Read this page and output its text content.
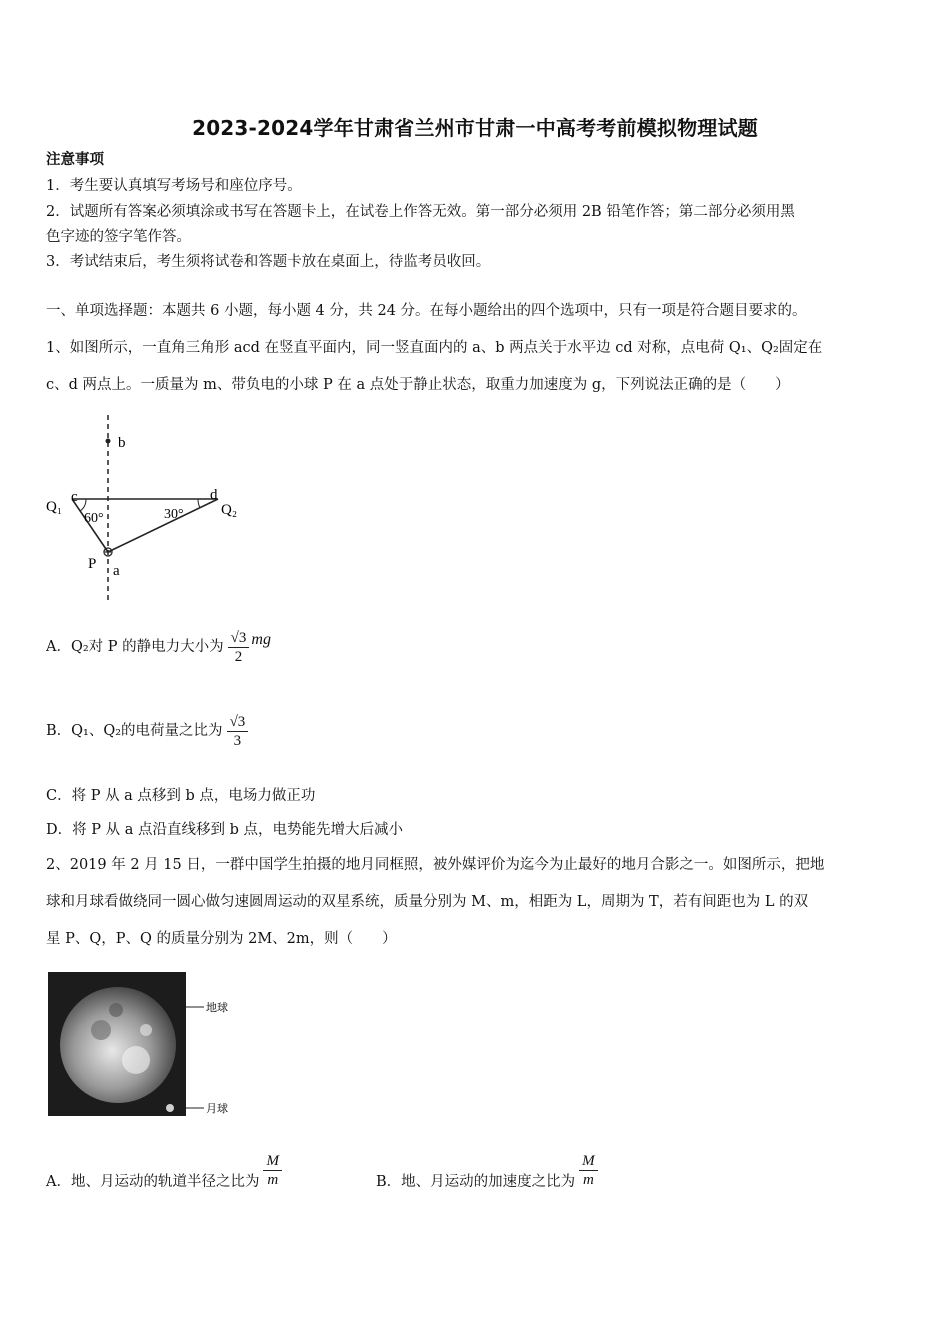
2023-2024学年甘肃省兰州市甘肃一中高考考前模拟物理试题
注意事项
1．考生要认真填写考场号和座位序号。
2．试题所有答案必须填涂或书写在答题卡上，在试卷上作答无效。第一部分必须用 2B 铅笔作答；第二部分必须用黑
色字迹的签字笔作答。
3．考试结束后，考生须将试卷和答题卡放在桌面上，待监考员收回。
一、单项选择题：本题共 6 小题，每小题 4 分，共 24 分。在每小题给出的四个选项中，只有一项是符合题目要求的。
1、如图所示，一直角三角形 acd 在竖直平面内，同一竖直面内的 a、b 两点关于水平边 cd 对称，点电荷 Q₁、Q₂固定在
c、d 两点上。一质量为 m、带负电的小球 P 在 a 点处于静止状态，取重力加速度为 g，下列说法正确的是（　　）
b
c	d
Q₁	Q₂
60°	30°
P a
A．Q₂对 P 的静电力大小为 $\frac{√3}{2}$ mg
B．Q₁、Q₂的电荷量之比为 $\frac{√3}{3}$
C．将 P 从 a 点移到 b 点，电场力做正功
D．将 P 从 a 点沿直线移到 b 点，电势能先增大后减小
2、2019 年 2 月 15 日，一群中国学生拍摄的地月同框照，被外媒评价为迄今为止最好的地月合影之一。如图所示，把地
球和月球看做绕同一圆心做匀速圆周运动的双星系统，质量分别为 M、m，相距为 L，周期为 T，若有间距也为 L 的双
星 P、Q，P、Q 的质量分别为 2M、2m，则（　　）
地球
月球
A．地、月运动的轨道半径之比为 $\frac{M}{m}$	B．地、月运动的加速度之比为 $\frac{M}{m}$
